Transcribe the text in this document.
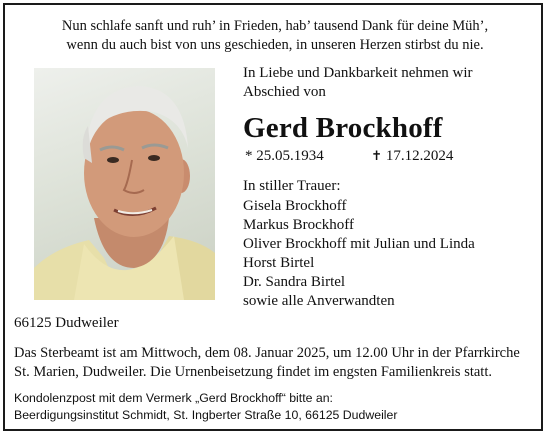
Nun schlafe sanft und ruh’ in Frieden, hab’ tausend Dank für deine Müh’,
wenn du auch bist von uns geschieden, in unseren Herzen stirbst du nie.
In Liebe und Dankbarkeit nehmen wir
Abschied von
Gerd Brockhoff
* 25.05.1934	✝ 17.12.2024
In stiller Trauer:
Gisela Brockhoff
Markus Brockhoff
Oliver Brockhoff mit Julian und Linda
Horst Birtel
Dr. Sandra Birtel
sowie alle Anverwandten
66125 Dudweiler
Das Sterbeamt ist am Mittwoch, dem 08. Januar 2025, um 12.00 Uhr in der Pfarrkirche
St. Marien, Dudweiler. Die Urnenbeisetzung findet im engsten Familienkreis statt.
Kondolenzpost mit dem Vermerk „Gerd Brockhoff“ bitte an:
Beerdigungsinstitut Schmidt, St. Ingberter Straße 10, 66125 Dudweiler
